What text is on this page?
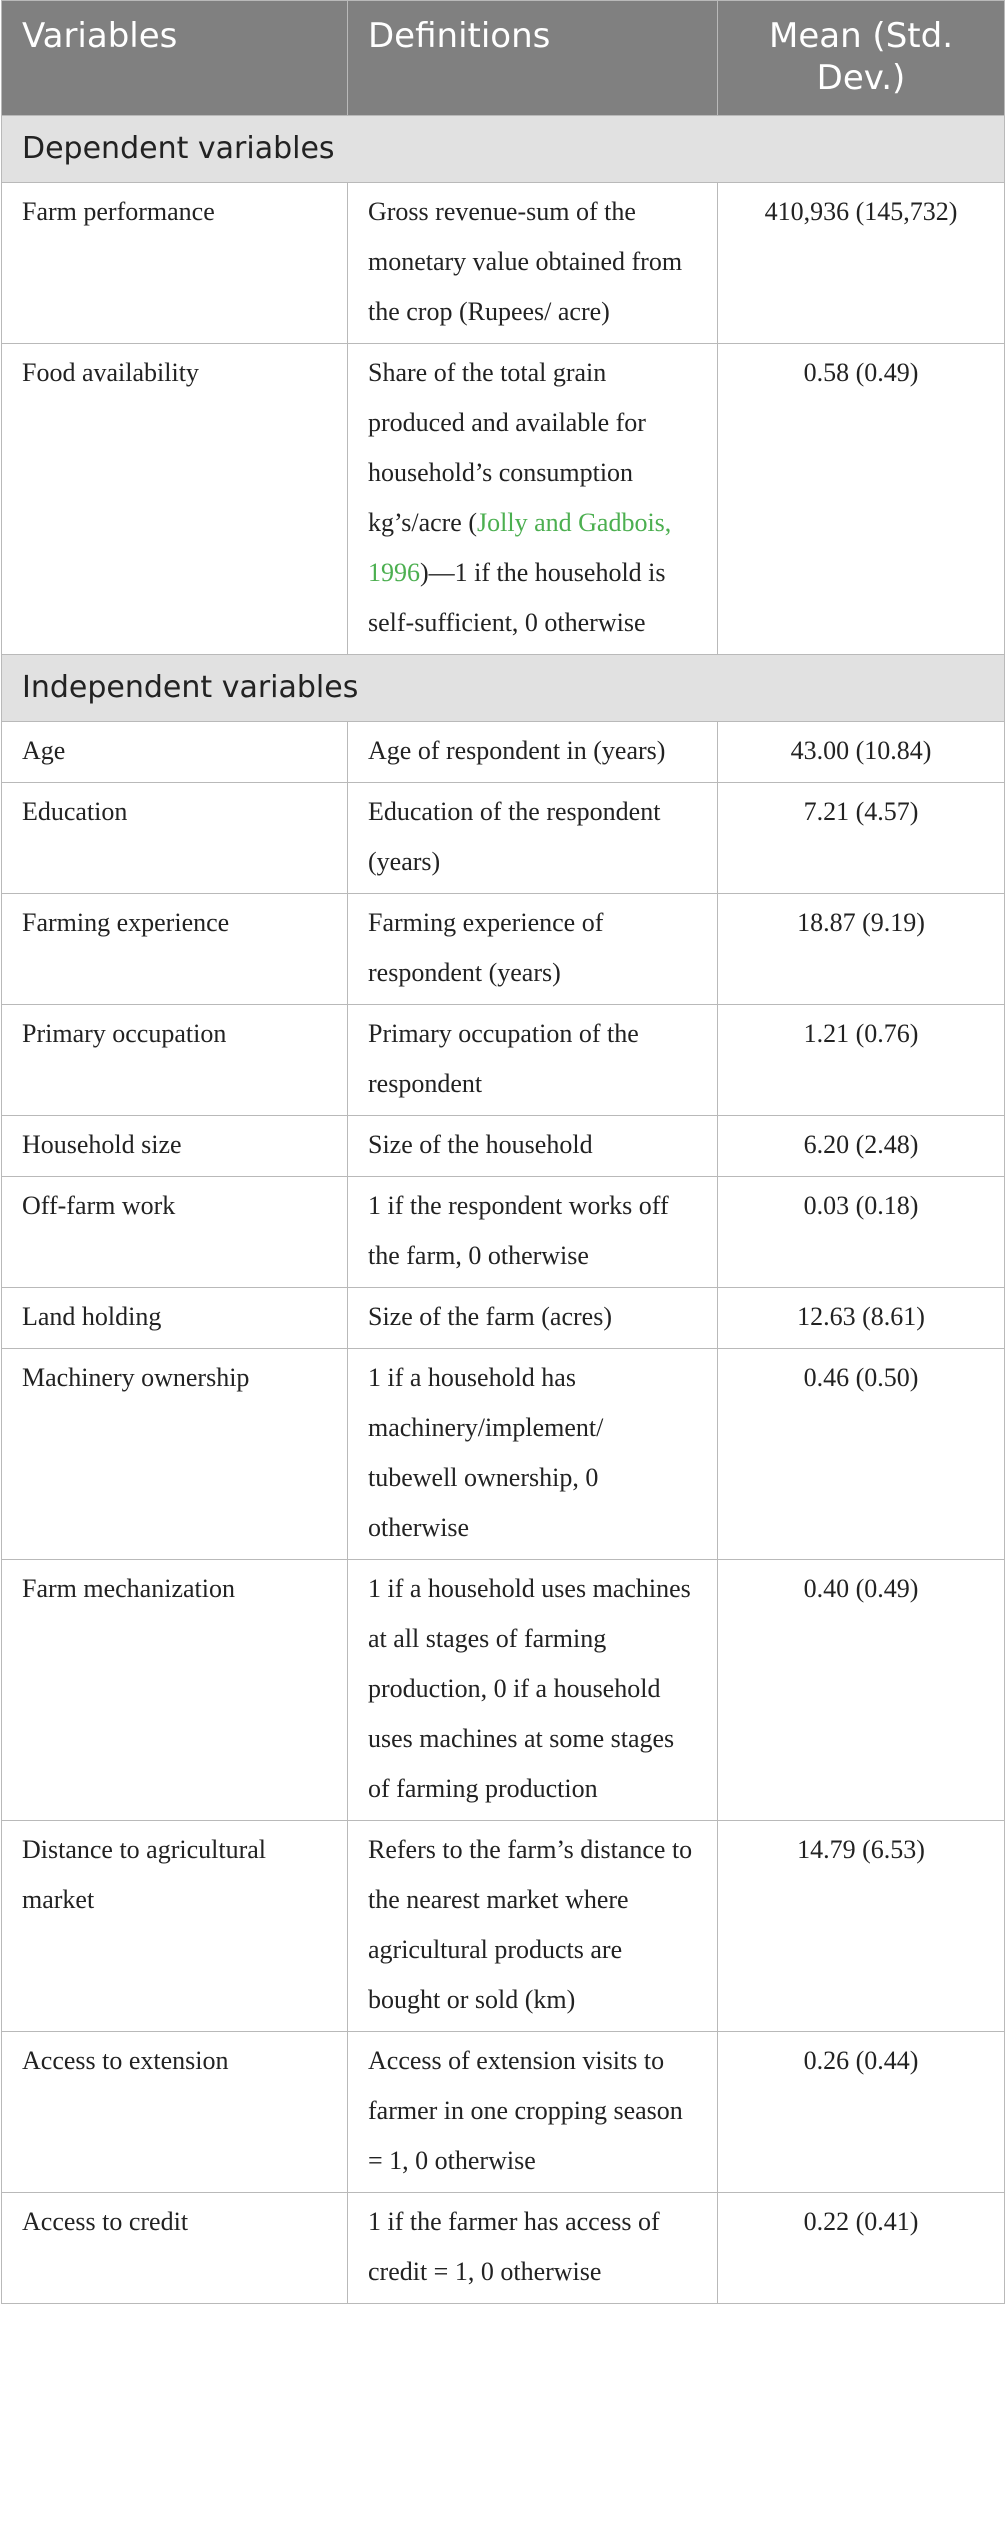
Variables	Definitions	Mean (Std. Dev.)
Dependent variables		
Farm performance	Gross revenue-sum of the monetary value obtained from the crop (Rupees/ acre)	410,936 (145,732)
Food availability	Share of the total grain produced and available for household’s consumption kg’s/acre (Jolly and Gadbois, 1996)—1 if the household is self-sufficient, 0 otherwise	0.58 (0.49)
Independent variables		
Age	Age of respondent in (years)	43.00 (10.84)
Education	Education of the respondent (years)	7.21 (4.57)
Farming experience	Farming experience of respondent (years)	18.87 (9.19)
Primary occupation	Primary occupation of the respondent	1.21 (0.76)
Household size	Size of the household	6.20 (2.48)
Off-farm work	1 if the respondent works off the farm, 0 otherwise	0.03 (0.18)
Land holding	Size of the farm (acres)	12.63 (8.61)
Machinery ownership	1 if a household has machinery/implement/ tubewell ownership, 0 otherwise	0.46 (0.50)
Farm mechanization	1 if a household uses machines at all stages of farming production, 0 if a household uses machines at some stages of farming production	0.40 (0.49)
Distance to agricultural market	Refers to the farm’s distance to the nearest market where agricultural products are bought or sold (km)	14.79 (6.53)
Access to extension	Access of extension visits to farmer in one cropping season = 1, 0 otherwise	0.26 (0.44)
Access to credit	1 if the farmer has access of credit = 1, 0 otherwise	0.22 (0.41)
